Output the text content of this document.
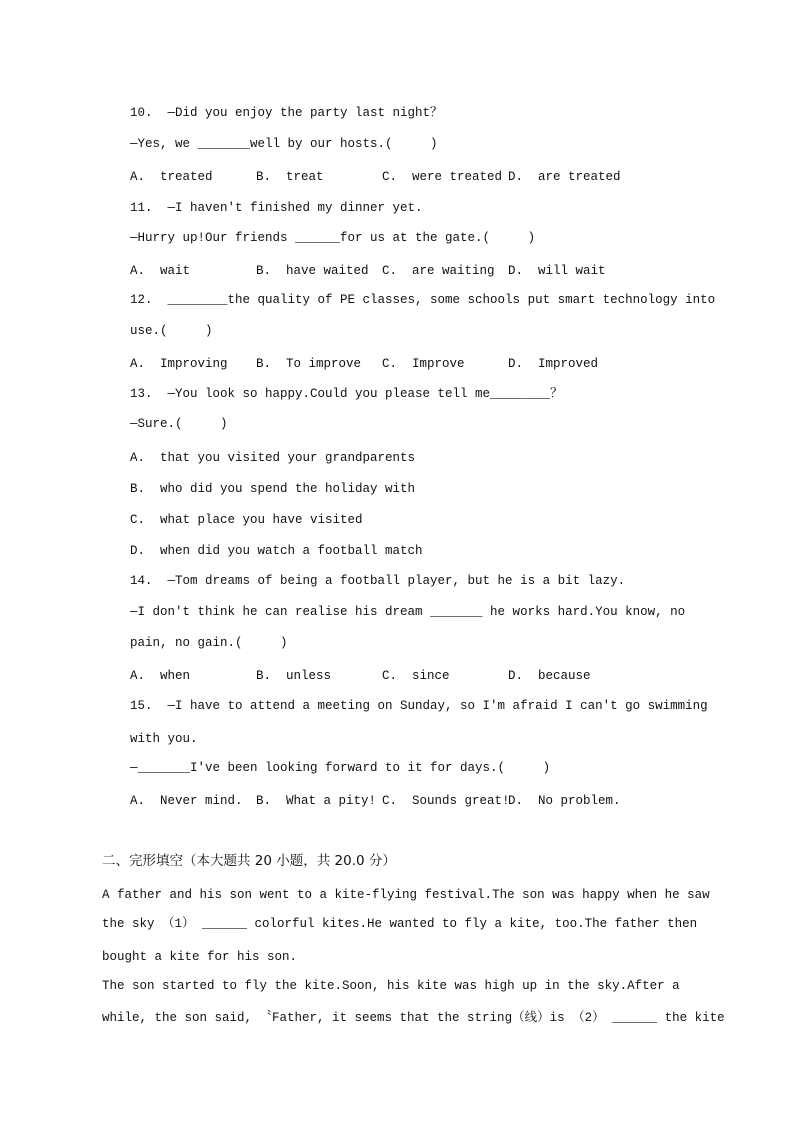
10.  —Did you enjoy the party last night？
—Yes, we _______well by our hosts.(     )
A.  treated	B.  treat	C.  were treated D.  are treated
11.  —I haven't finished my dinner yet.
—Hurry up!Our friends ______for us at the gate.(     )
A.  wait	B.  have waited C.  are waiting D.  will wait
12.  ________the quality of PE classes, some schools put smart technology into
use.(     )
A.  Improving B.  To improve C.  Improve	D.  Improved
13.  —You look so happy.Could you please tell me________？
—Sure.(     )
A.  that you visited your grandparents
B.  who did you spend the holiday with
C.  what place you have visited
D.  when did you watch a football match
14.  —Tom dreams of being a football player, but he is a bit lazy.
—I don't think he can realise his dream _______ he works hard.You know, no
pain, no gain.(     )
A.  when	B.  unless	C.  since	D.  because
15.  —I have to attend a meeting on Sunday, so I'm afraid I can't go swimming
with you.
—_______I've been looking forward to it for days.(     )
A.  Never mind. B.  What a pity! C.  Sounds great!
D.  No problem.
二、完形填空（本大题共 20 小题，共 20.0 分）
A father and his son went to a kite-flying festival.The son was happy when he saw
the sky （1） ______ colorful kites.He wanted to fly a kite, too.The father then
bought a kite for his son.
The son started to fly the kite.Soon, his kite was high up in the sky.After a
while, the son said, 〝Father, it seems that the string（线）is （2） ______ the kite
